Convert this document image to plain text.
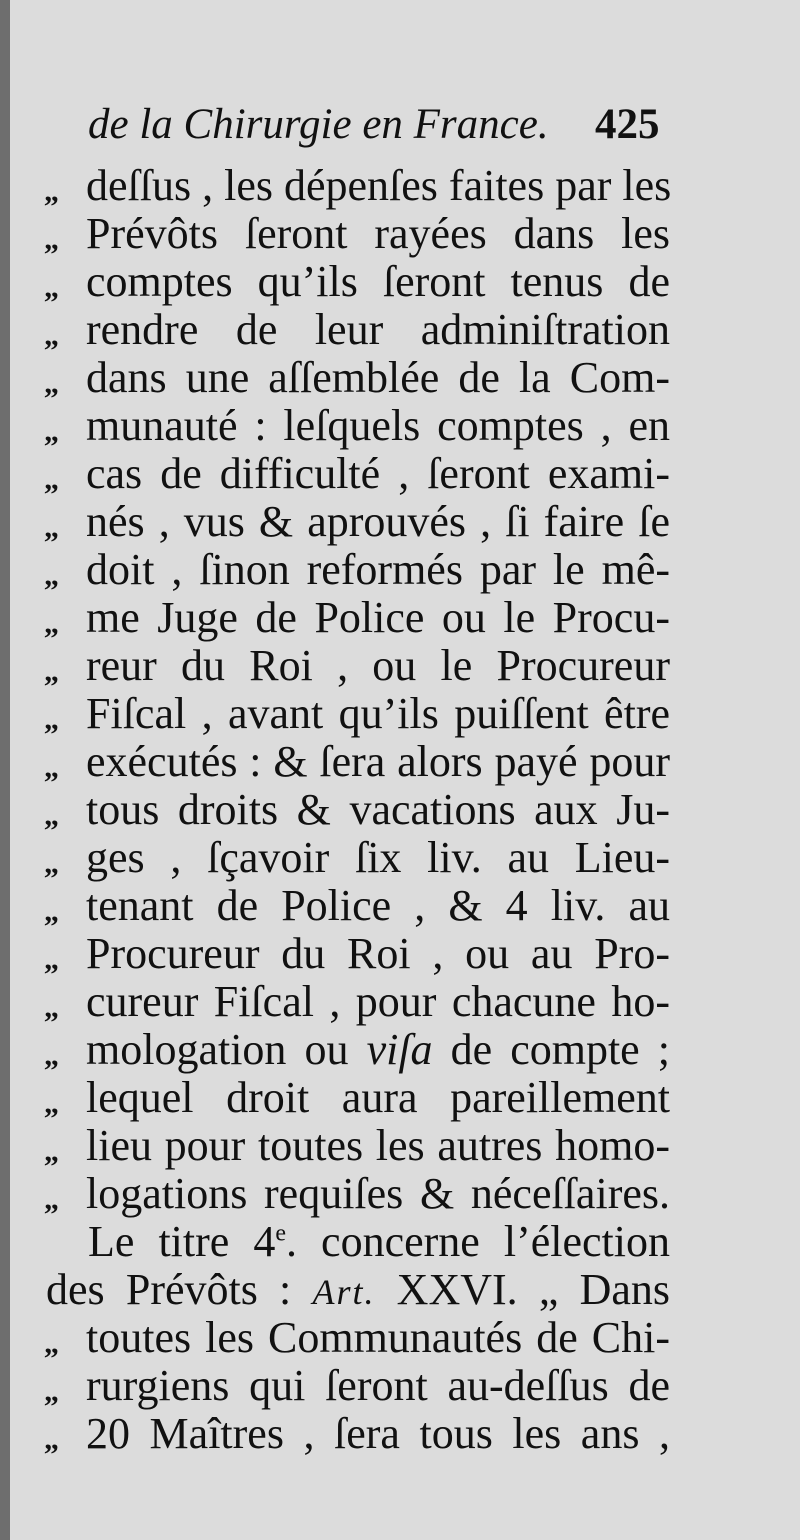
de la Chirurgie en France.	425
„ deſſus , les dépenſes faites par les
„ Prévôts ſeront rayées dans les
„ comptes qu’ils ſeront tenus de
„ rendre de leur adminiſtration
„ dans une aſſemblée de la Com-
„ munauté : leſquels comptes , en
„ cas de difficulté , ſeront exami-
„ nés , vus & aprouvés , ſi faire ſe
„ doit , ſinon reformés par le mê-
„ me Juge de Police ou le Procu-
„ reur du Roi , ou le Procureur
„ Fiſcal , avant qu’ils puiſſent être
„ exécutés : & ſera alors payé pour
„ tous droits & vacations aux Ju-
„ ges , ſçavoir ſix liv. au Lieu-
„ tenant de Police , & 4 liv. au
„ Procureur du Roi , ou au Pro-
„ cureur Fiſcal , pour chacune ho-
„ mologation ou viſa de compte ;
„ lequel droit aura pareillement
„ lieu pour toutes les autres homo-
„ logations requiſes & néceſſaires.
Le titre 4e. concerne l’élection
des Prévôts : Art. XXVI. „ Dans
„ toutes les Communautés de Chi-
„ rurgiens qui ſeront au-deſſus de
„ 20 Maîtres , ſera tous les ans ,
